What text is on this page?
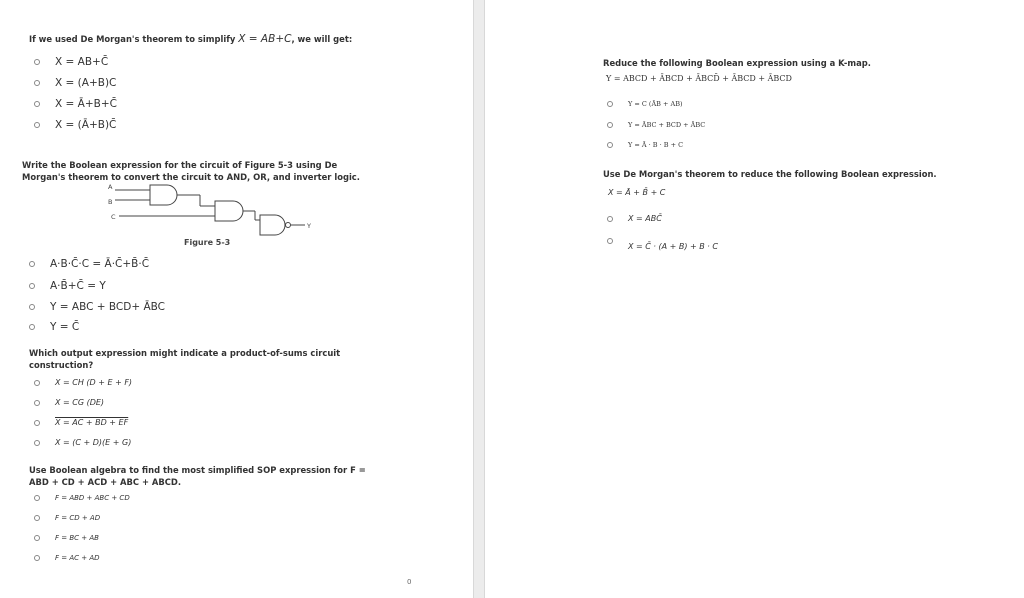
If we used De Morgan's theorem to simplify X = AB+C, we will get:
X = AB+C̄
X = (A+B)C
X = Ā+B+C̄
X = (Ā+B)C̄
Write the Boolean expression for the circuit of Figure 5-3 using De
Morgan's theorem to convert the circuit to AND, OR, and inverter logic.
A
B
C
Y
Figure 5-3
A·B·C̄·C = Ā·C̄+B̄·C̄
A·B̄+C̄ = Y
Y = ABC + BCD+ ĀBC
Y = C̄
Which output expression might indicate a product-of-sums circuit
construction?
X = CH (D + E + F)
X = CG (DE)
X = AC + BD + EF
X = (C + D)(E + G)
Use Boolean algebra to find the most simplified SOP expression for F =
ABD + CD + ACD + ABC + ABCD.
F = ABD + ABC + CD
F = CD + AD
F = BC + AB
F = AC + AD
0
Reduce the following Boolean expression using a K-map.
Y = ABCD + ĀBCD + ĀBCD̄ + ĀBCD + ĀBCD
Y = C (ĀB + AB)
Y = ĀBC + BCD + ĀBC
Y = Ā · B · B + C
Use De Morgan's theorem to reduce the following Boolean expression.
X = Ā + B̄ + C
X = ABC̄
X = C̄ · (A + B) + B · C
